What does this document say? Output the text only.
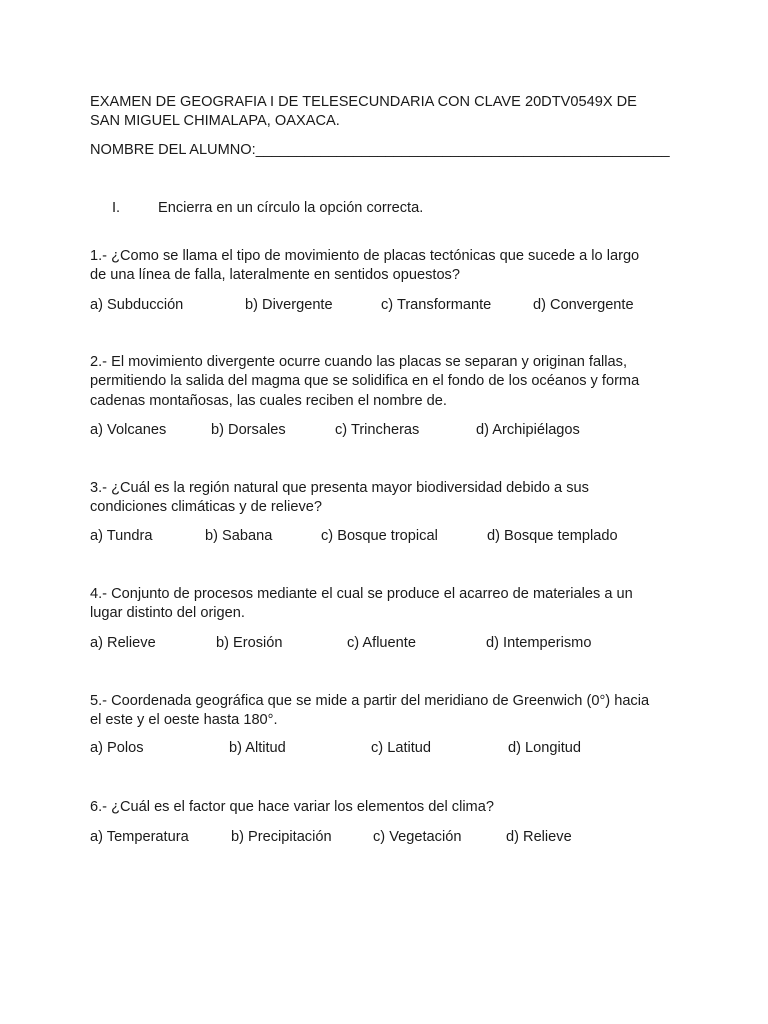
EXAMEN DE GEOGRAFIA I DE TELESECUNDARIA CON CLAVE 20DTV0549X DE
SAN MIGUEL CHIMALAPA, OAXACA.
NOMBRE DEL ALUMNO:___________________________________________________
I.	Encierra en un círculo la opción correcta.
1.- ¿Como se llama el tipo de movimiento de placas tectónicas que sucede a lo largo
de una línea de falla, lateralmente en sentidos opuestos?
a) Subducción	b) Divergente	c) Transformante	d) Convergente
2.- El movimiento divergente ocurre cuando las placas se separan y originan fallas,
permitiendo la salida del magma que se solidifica en el fondo de los océanos y forma
cadenas montañosas, las cuales reciben el nombre de.
a) Volcanes	b) Dorsales	c) Trincheras	d) Archipiélagos
3.- ¿Cuál es la región natural que presenta mayor biodiversidad debido a sus
condiciones climáticas y de relieve?
a) Tundra	b) Sabana	c) Bosque tropical	d) Bosque templado
4.- Conjunto de procesos mediante el cual se produce el acarreo de materiales a un
lugar distinto del origen.
a) Relieve	b) Erosión	c) Afluente	d) Intemperismo
5.- Coordenada geográfica que se mide a partir del meridiano de Greenwich (0°) hacia
el este y el oeste hasta 180°.
a) Polos	b) Altitud	c) Latitud	d) Longitud
6.- ¿Cuál es el factor que hace variar los elementos del clima?
a) Temperatura	b) Precipitación	c) Vegetación	d) Relieve
